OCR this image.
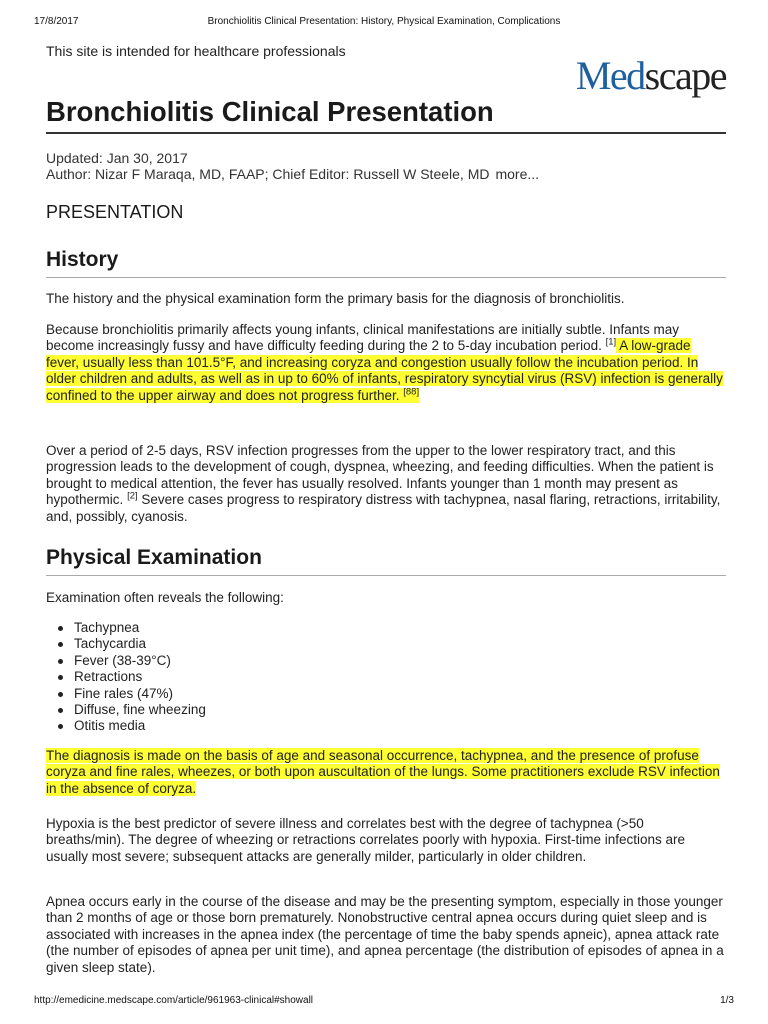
17/8/2017	Bronchiolitis Clinical Presentation: History, Physical Examination, Complications
This site is intended for healthcare professionals
Medscape
Bronchiolitis Clinical Presentation
Updated: Jan 30, 2017
Author: Nizar F Maraqa, MD, FAAP; Chief Editor: Russell W Steele, MD more...
PRESENTATION
History

The history and the physical examination form the primary basis for the diagnosis of bronchiolitis.

Because bronchiolitis primarily affects young infants, clinical manifestations are initially subtle. Infants may become increasingly fussy and have difficulty feeding during the 2 to 5-day incubation period. [1] A low-grade fever, usually less than 101.5°F, and increasing coryza and congestion usually follow the incubation period. In older children and adults, as well as in up to 60% of infants, respiratory syncytial virus (RSV) infection is generally confined to the upper airway and does not progress further. [88]

Over a period of 2-5 days, RSV infection progresses from the upper to the lower respiratory tract, and this progression leads to the development of cough, dyspnea, wheezing, and feeding difficulties. When the patient is brought to medical attention, the fever has usually resolved. Infants younger than 1 month may present as hypothermic. [2] Severe cases progress to respiratory distress with tachypnea, nasal flaring, retractions, irritability, and, possibly, cyanosis.

Physical Examination

Examination often reveals the following:

Tachypnea
Tachycardia
Fever (38-39°C)
Retractions
Fine rales (47%)
Diffuse, fine wheezing
Otitis media

The diagnosis is made on the basis of age and seasonal occurrence, tachypnea, and the presence of profuse coryza and fine rales, wheezes, or both upon auscultation of the lungs. Some practitioners exclude RSV infection in the absence of coryza.

Hypoxia is the best predictor of severe illness and correlates best with the degree of tachypnea (>50 breaths/min). The degree of wheezing or retractions correlates poorly with hypoxia. First-time infections are usually most severe; subsequent attacks are generally milder, particularly in older children.

Apnea occurs early in the course of the disease and may be the presenting symptom, especially in those younger than 2 months of age or those born prematurely. Nonobstructive central apnea occurs during quiet sleep and is associated with increases in the apnea index (the percentage of time the baby spends apneic), apnea attack rate (the number of episodes of apnea per unit time), and apnea percentage (the distribution of episodes of apnea in a given sleep state).

http://emedicine.medscape.com/article/961963-clinical#showall	1/3
